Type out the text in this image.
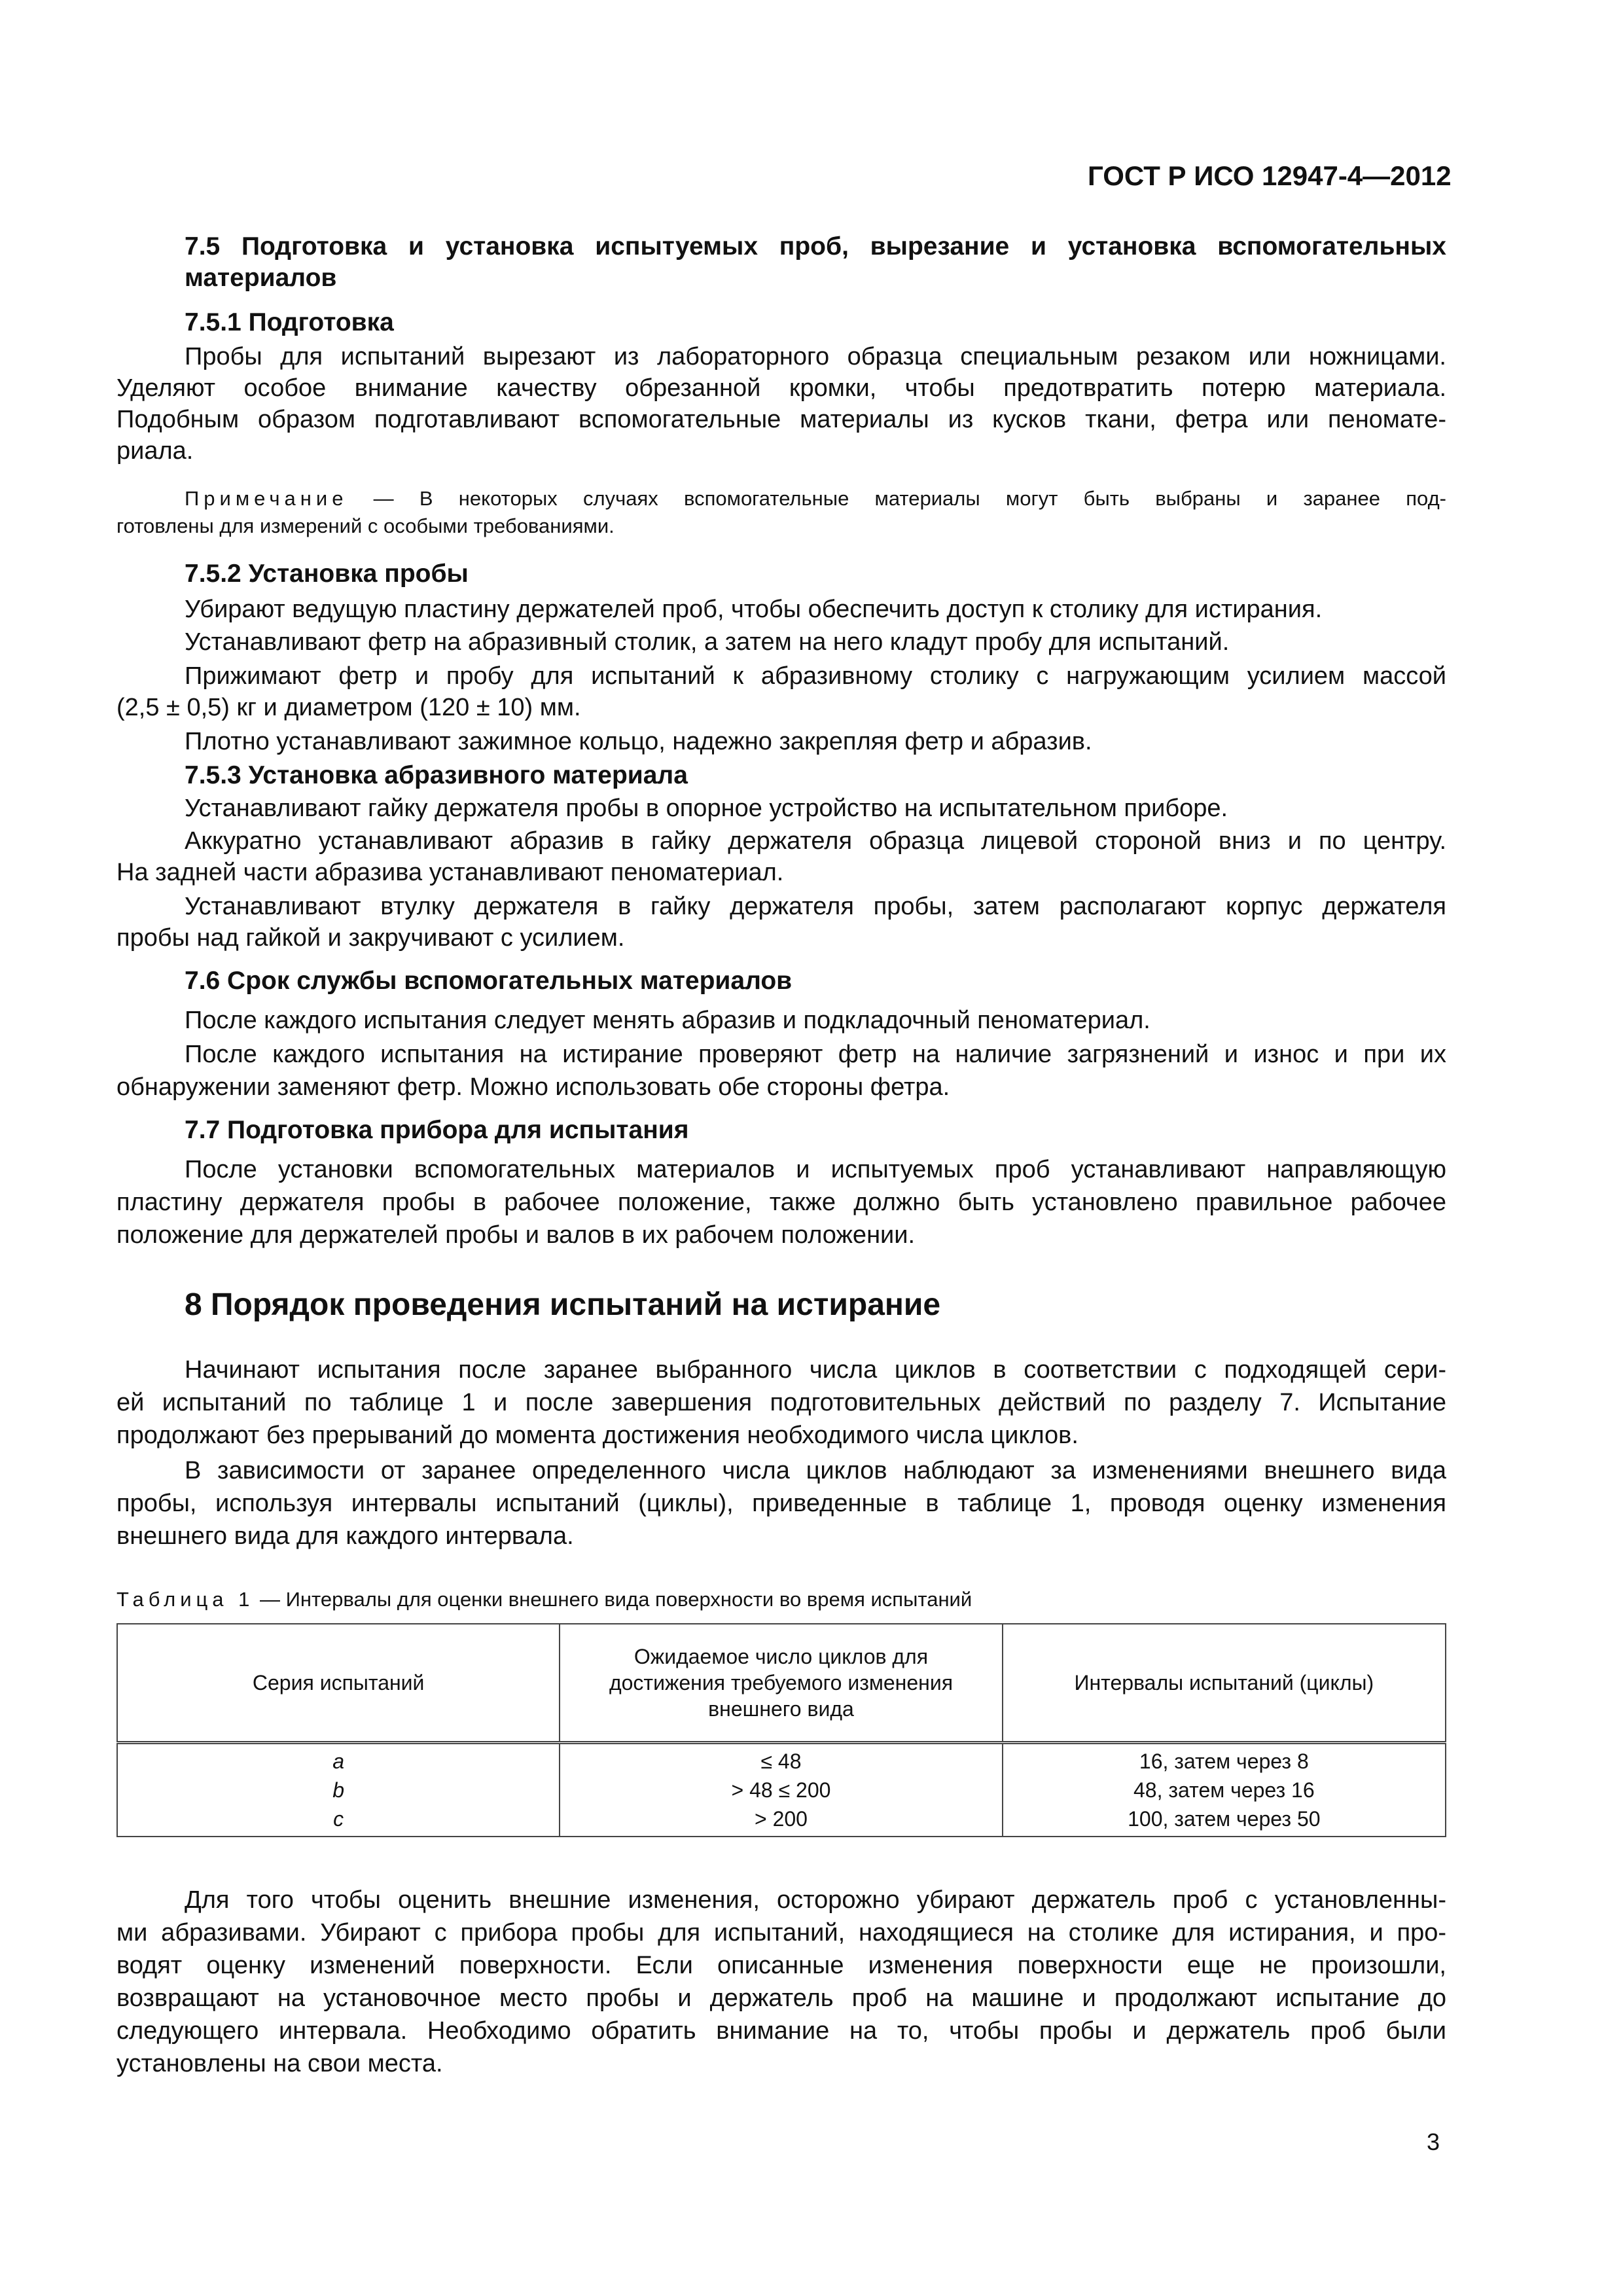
ГОСТ Р ИСО 12947-4—2012
7.5 Подготовка и установка испытуемых проб, вырезание и установка вспомогательных
материалов
7.5.1 Подготовка
Пробы для испытаний вырезают из лабораторного образца специальным резаком или ножницами.
Уделяют особое внимание качеству обрезанной кромки, чтобы предотвратить потерю материала.
Подобным образом подготавливают вспомогательные материалы из кусков ткани, фетра или пеномате-
риала.
Примечание — В некоторых случаях вспомогательные материалы могут быть выбраны и заранее под-
готовлены для измерений с особыми требованиями.
7.5.2 Установка пробы
Убирают ведущую пластину держателей проб, чтобы обеспечить доступ к столику для истирания.
Устанавливают фетр на абразивный столик, а затем на него кладут пробу для испытаний.
Прижимают фетр и пробу для испытаний к абразивному столику с нагружающим усилием массой
(2,5 ± 0,5) кг и диаметром (120 ± 10) мм.
Плотно устанавливают зажимное кольцо, надежно закрепляя фетр и абразив.
7.5.3 Установка абразивного материала
Устанавливают гайку держателя пробы в опорное устройство на испытательном приборе.
Аккуратно устанавливают абразив в гайку держателя образца лицевой стороной вниз и по центру.
На задней части абразива устанавливают пеноматериал.
Устанавливают втулку держателя в гайку держателя пробы, затем располагают корпус держателя
пробы над гайкой и закручивают с усилием.
7.6 Срок службы вспомогательных материалов
После каждого испытания следует менять абразив и подкладочный пеноматериал.
После каждого испытания на истирание проверяют фетр на наличие загрязнений и износ и при их
обнаружении заменяют фетр. Можно использовать обе стороны фетра.
7.7 Подготовка прибора для испытания
После установки вспомогательных материалов и испытуемых проб устанавливают направляющую
пластину держателя пробы в рабочее положение, также должно быть установлено правильное рабочее
положение для держателей пробы и валов в их рабочем положении.
8 Порядок проведения испытаний на истирание
Начинают испытания после заранее выбранного числа циклов в соответствии с подходящей сери-
ей испытаний по таблице 1 и после завершения подготовительных действий по разделу 7. Испытание
продолжают без прерываний до момента достижения необходимого числа циклов.
В зависимости от заранее определенного числа циклов наблюдают за изменениями внешнего вида
пробы, используя интервалы испытаний (циклы), приведенные в таблице 1, проводя оценку изменения
внешнего вида для каждого интервала.
Таблица 1 — Интервалы для оценки внешнего вида поверхности во время испытаний
Серия испытаний	Ожидаемое число циклов для
достижения требуемого изменения
внешнего вида	Интервалы испытаний (циклы)
a	≤ 48	16, затем через 8
b	> 48 ≤ 200	48, затем через 16
c	> 200	100, затем через 50
Для того чтобы оценить внешние изменения, осторожно убирают держатель проб с установленны-
ми абразивами. Убирают с прибора пробы для испытаний, находящиеся на столике для истирания, и про-
водят оценку изменений поверхности. Если описанные изменения поверхности еще не произошли,
возвращают на установочное место пробы и держатель проб на машине и продолжают испытание до
следующего интервала. Необходимо обратить внимание на то, чтобы пробы и держатель проб были
установлены на свои места.
3
